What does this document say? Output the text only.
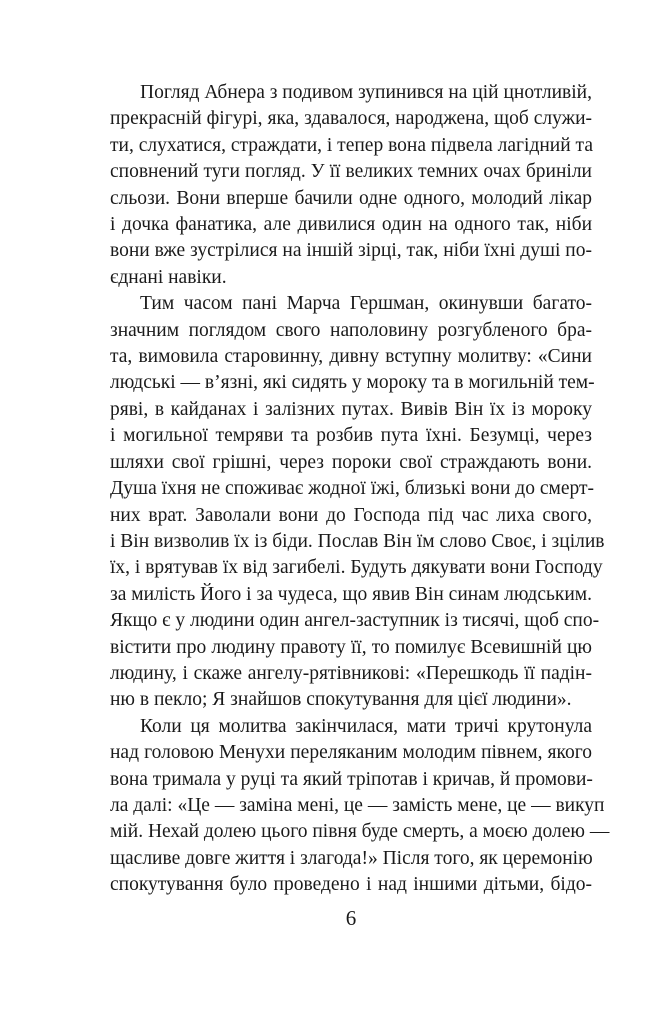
Погляд Абнера з подивом зупинився на цій цнотливій,
прекрасній фігурі, яка, здавалося, народжена, щоб служи-
ти, слухатися, страждати, і тепер вона підвела лагідний та
сповнений туги погляд. У її великих темних очах бриніли
сльози. Вони вперше бачили одне одного, молодий лікар
і дочка фанатика, але дивилися один на одного так, ніби
вони вже зустрілися на іншій зірці, так, ніби їхні душі по-
єднані навіки.
Тим часом пані Марча Гершман, окинувши багато-
значним поглядом свого наполовину розгубленого бра-
та, вимовила старовинну, дивну вступну молитву: «Сини
людські — в’язні, які сидять у мороку та в могильній тем-
ряві, в кайданах і залізних путах. Вивів Він їх із мороку
і могильної темряви та розбив пута їхні. Безумці, через
шляхи свої грішні, через пороки свої страждають вони.
Душа їхня не споживає жодної їжі, близькі вони до смерт-
них врат. Заволали вони до Господа під час лиха свого,
і Він визволив їх із біди. Послав Він їм слово Своє, і зцілив
їх, і врятував їх від загибелі. Будуть дякувати вони Господу
за милість Його і за чудеса, що явив Він синам людським.
Якщо є у людини один ангел-заступник із тисячі, щоб спо-
вістити про людину правоту її, то помилує Всевишній цю
людину, і скаже ангелу-рятівникові: «Перешкодь її падін-
ню в пекло; Я знайшов спокутування для цієї людини».
Коли ця молитва закінчилася, мати тричі крутонула
над головою Менухи переляканим молодим півнем, якого
вона тримала у руці та який тріпотав і кричав, й промови-
ла далі: «Це — заміна мені, це — замість мене, це — викуп
мій. Нехай долею цього півня буде смерть, а моєю долею —
щасливе довге життя і злагода!» Після того, як церемонію
спокутування було проведено і над іншими дітьми, бідо-
6
